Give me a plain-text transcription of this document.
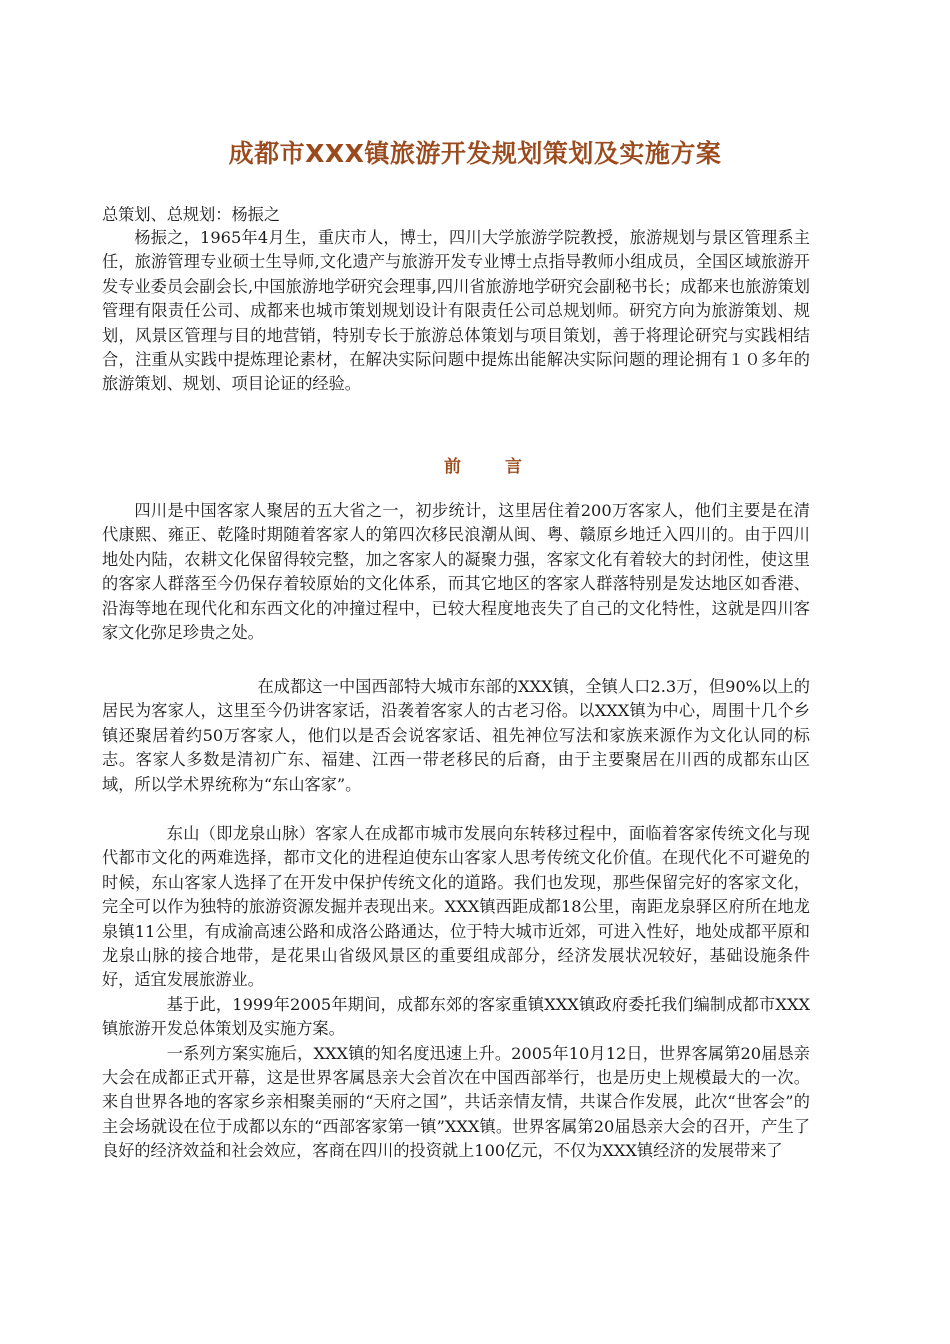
成都市XXX镇旅游开发规划策划及实施方案
总策划、总规划：杨振之

杨振之，1965年4月生，重庆市人，博士，四川大学旅游学院教授，旅游规划与景区管理系主任，旅游管理专业硕士生导师,文化遗产与旅游开发专业博士点指导教师小组成员，全国区域旅游开发专业委员会副会长,中国旅游地学研究会理事,四川省旅游地学研究会副秘书长；成都来也旅游策划管理有限责任公司、成都来也城市策划规划设计有限责任公司总规划师。研究方向为旅游策划、规划，风景区管理与目的地营销，特别专长于旅游总体策划与项目策划，善于将理论研究与实践相结合，注重从实践中提炼理论素材，在解决实际问题中提炼出能解决实际问题的理论拥有１０多年的旅游策划、规划、项目论证的经验。

前言

四川是中国客家人聚居的五大省之一，初步统计，这里居住着200万客家人，他们主要是在清代康熙、雍正、乾隆时期随着客家人的第四次移民浪潮从闽、粤、赣原乡地迁入四川的。由于四川地处内陆，农耕文化保留得较完整，加之客家人的凝聚力强，客家文化有着较大的封闭性，使这里的客家人群落至今仍保存着较原始的文化体系，而其它地区的客家人群落特别是发达地区如香港、沿海等地在现代化和东西文化的冲撞过程中，已较大程度地丧失了自己的文化特性，这就是四川客家文化弥足珍贵之处。

在成都这一中国西部特大城市东部的XXX镇，全镇人口2.3万，但90%以上的居民为客家人，这里至今仍讲客家话，沿袭着客家人的古老习俗。以XXX镇为中心，周围十几个乡镇还聚居着约50万客家人，他们以是否会说客家话、祖先神位写法和家族来源作为文化认同的标志。客家人多数是清初广东、福建、江西一带老移民的后裔，由于主要聚居在川西的成都东山区域，所以学术界统称为“东山客家”。

东山（即龙泉山脉）客家人在成都市城市发展向东转移过程中，面临着客家传统文化与现代都市文化的两难选择，都市文化的进程迫使东山客家人思考传统文化价值。在现代化不可避免的时候，东山客家人选择了在开发中保护传统文化的道路。我们也发现，那些保留完好的客家文化，完全可以作为独特的旅游资源发掘并表现出来。XXX镇西距成都18公里，南距龙泉驿区府所在地龙泉镇11公里，有成渝高速公路和成洛公路通达，位于特大城市近郊，可进入性好，地处成都平原和龙泉山脉的接合地带，是花果山省级风景区的重要组成部分，经济发展状况较好，基础设施条件好，适宜发展旅游业。

基于此，1999年2005年期间，成都东郊的客家重镇XXX镇政府委托我们编制成都市XXX镇旅游开发总体策划及实施方案。

一系列方案实施后，XXX镇的知名度迅速上升。2005年10月12日，世界客属第20届恳亲大会在成都正式开幕，这是世界客属恳亲大会首次在中国西部举行，也是历史上规模最大的一次。来自世界各地的客家乡亲相聚美丽的“天府之国”，共话亲情友情，共谋合作发展，此次“世客会”的主会场就设在位于成都以东的“西部客家第一镇”XXX镇。世界客属第20届恳亲大会的召开，产生了良好的经济效益和社会效应，客商在四川的投资就上100亿元，不仅为XXX镇经济的发展带来了
